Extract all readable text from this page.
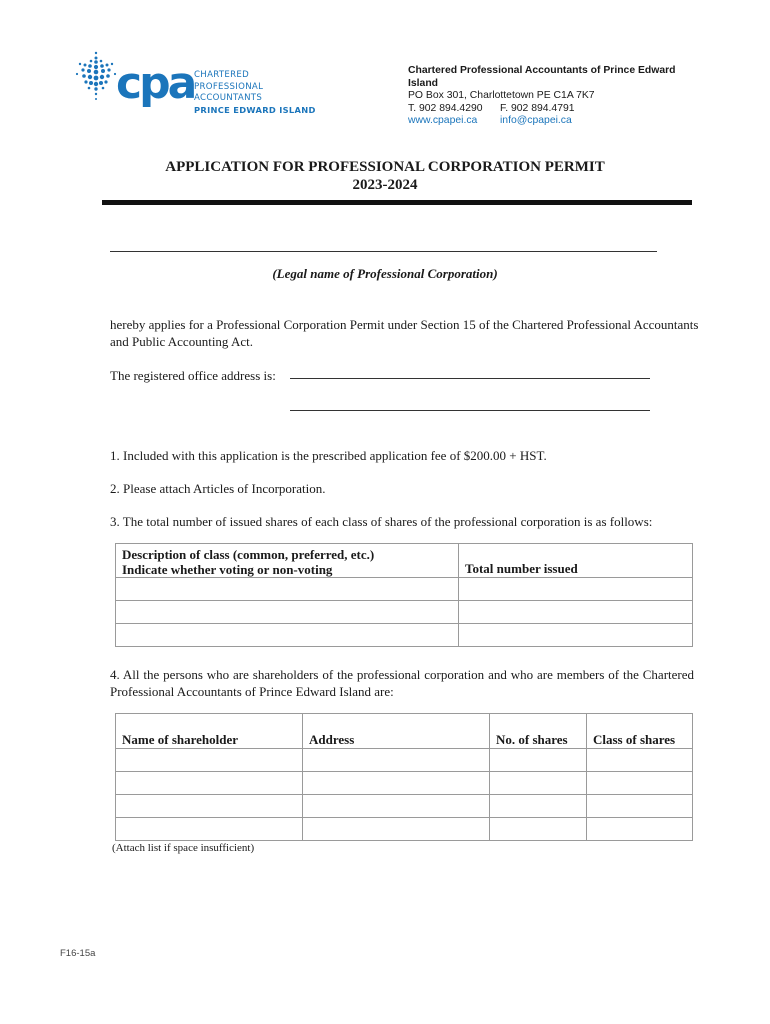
cpa CHARTERED
PROFESSIONAL
ACCOUNTANTS
PRINCE EDWARD ISLAND
Chartered Professional Accountants of Prince Edward Island
PO Box 301, Charlottetown PE C1A 7K7
T. 902 894.4290 F. 902 894.4791
www.cpapei.ca info@cpapei.ca
APPLICATION FOR PROFESSIONAL CORPORATION PERMIT
2023-2024
(Legal name of Professional Corporation)
hereby applies for a Professional Corporation Permit under Section 15 of the Chartered Professional Accountants and Public Accounting Act.
The registered office address is:
1. Included with this application is the prescribed application fee of $200.00 + HST.
2. Please attach Articles of Incorporation.
3. The total number of issued shares of each class of shares of the professional corporation is as follows:
Description of class (common, preferred, etc.)
Indicate whether voting or non-voting	Total number issued

4. All the persons who are shareholders of the professional corporation and who are members of the Chartered Professional Accountants of Prince Edward Island are:
Name of shareholder	Address	No. of shares	Class of shares

(Attach list if space insufficient)
F16-15a
